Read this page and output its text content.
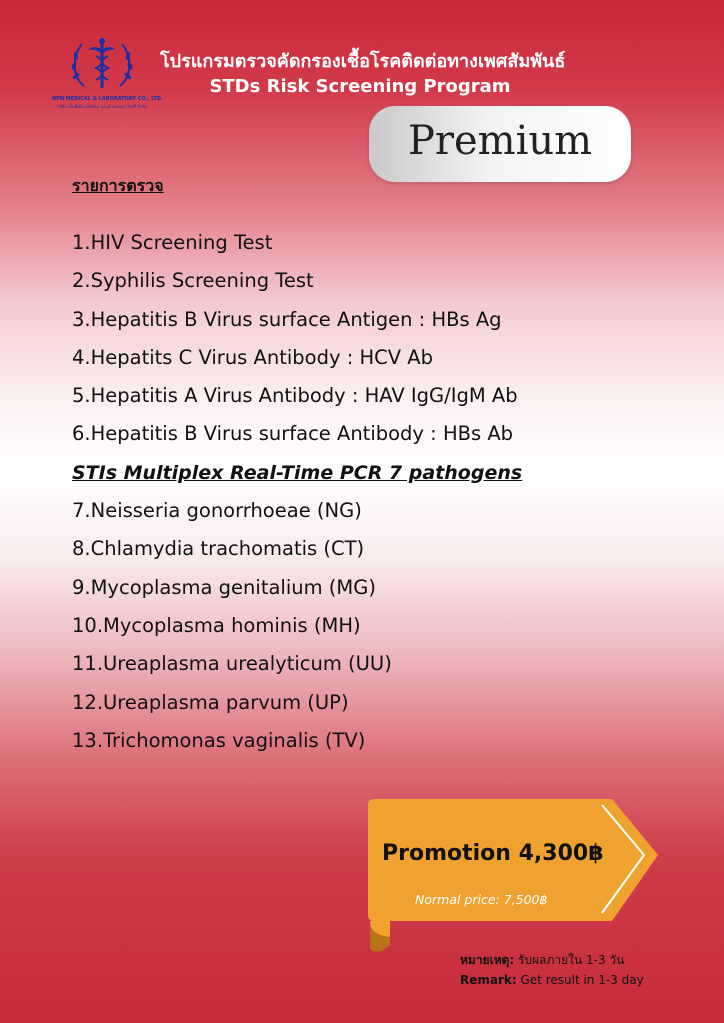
NPN MEDICAL & LABORATORY CO., LTD.
บริษัท เอ็นพีเอ็น เมดิคอล แอนด์ แลบบอราทอรี่ จำกัด
โปรแกรมตรวจคัดกรองเชื้อโรคติดต่อทางเพศสัมพันธ์
STDs Risk Screening Program
Premium
รายการตรวจ
1.HIV Screening Test
2.Syphilis Screening Test
3.Hepatitis B Virus surface Antigen : HBs Ag
4.Hepatits C Virus Antibody : HCV Ab
5.Hepatitis A Virus Antibody : HAV IgG/IgM Ab
6.Hepatitis B Virus surface Antibody : HBs Ab
STIs Multiplex Real-Time PCR 7 pathogens
7.Neisseria gonorrhoeae (NG)
8.Chlamydia trachomatis (CT)
9.Mycoplasma genitalium (MG)
10.Mycoplasma hominis (MH)
11.Ureaplasma urealyticum (UU)
12.Ureaplasma parvum (UP)
13.Trichomonas vaginalis (TV)
Promotion 4,300฿
Normal price: 7,500฿
หมายเหตุ: รับผลภายใน 1-3 วัน
Remark: Get result in 1-3 day
